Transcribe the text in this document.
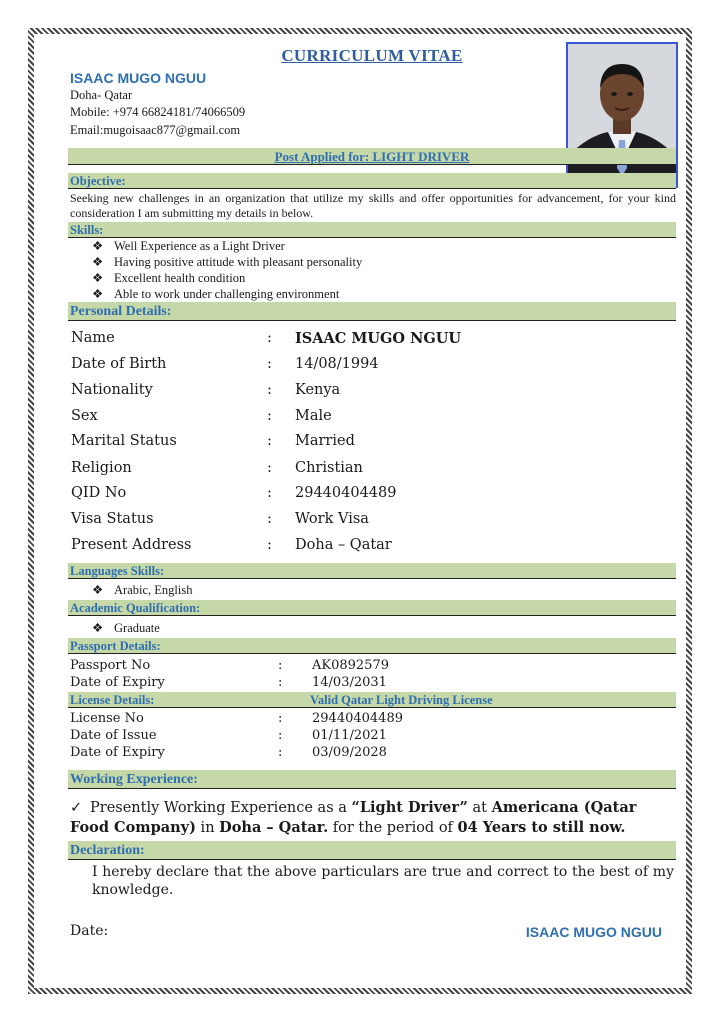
CURRICULUM VITAE
ISAAC MUGO NGUU
Doha- Qatar
Mobile: +974 66824181/74066509
Email:mugoisaac877@gmail.com
Post Applied for: LIGHT DRIVER
Objective:
Seeking new challenges in an organization that utilize my skills and offer opportunities for advancement, for your kind consideration I am submitting my details in below.
Skills:
❖ Well Experience as a Light Driver
❖ Having positive attitude with pleasant personality
❖ Excellent health condition
❖ Able to work under challenging environment
Personal Details:
Name	: ISAAC MUGO NGUU
Date of Birth	: 14/08/1994
Nationality	: Kenya
Sex	: Male
Marital Status	: Married
Religion	: Christian
QID No	: 29440404489
Visa Status	: Work Visa
Present Address	: Doha – Qatar
Languages Skills:
❖ Arabic, English
Academic Qualification:
❖ Graduate
Passport Details:
Passport No	: AK0892579
Date of Expiry	: 14/03/2031
License Details:	Valid Qatar Light Driving License
License No	: 29440404489
Date of Issue	: 01/11/2021
Date of Expiry	: 03/09/2028
Working Experience:
✓ Presently Working Experience as a “Light Driver” at Americana (Qatar Food Company) in Doha – Qatar. for the period of 04 Years to still now.
Declaration:
I hereby declare that the above particulars are true and correct to the best of my knowledge.
Date:	ISAAC MUGO NGUU
